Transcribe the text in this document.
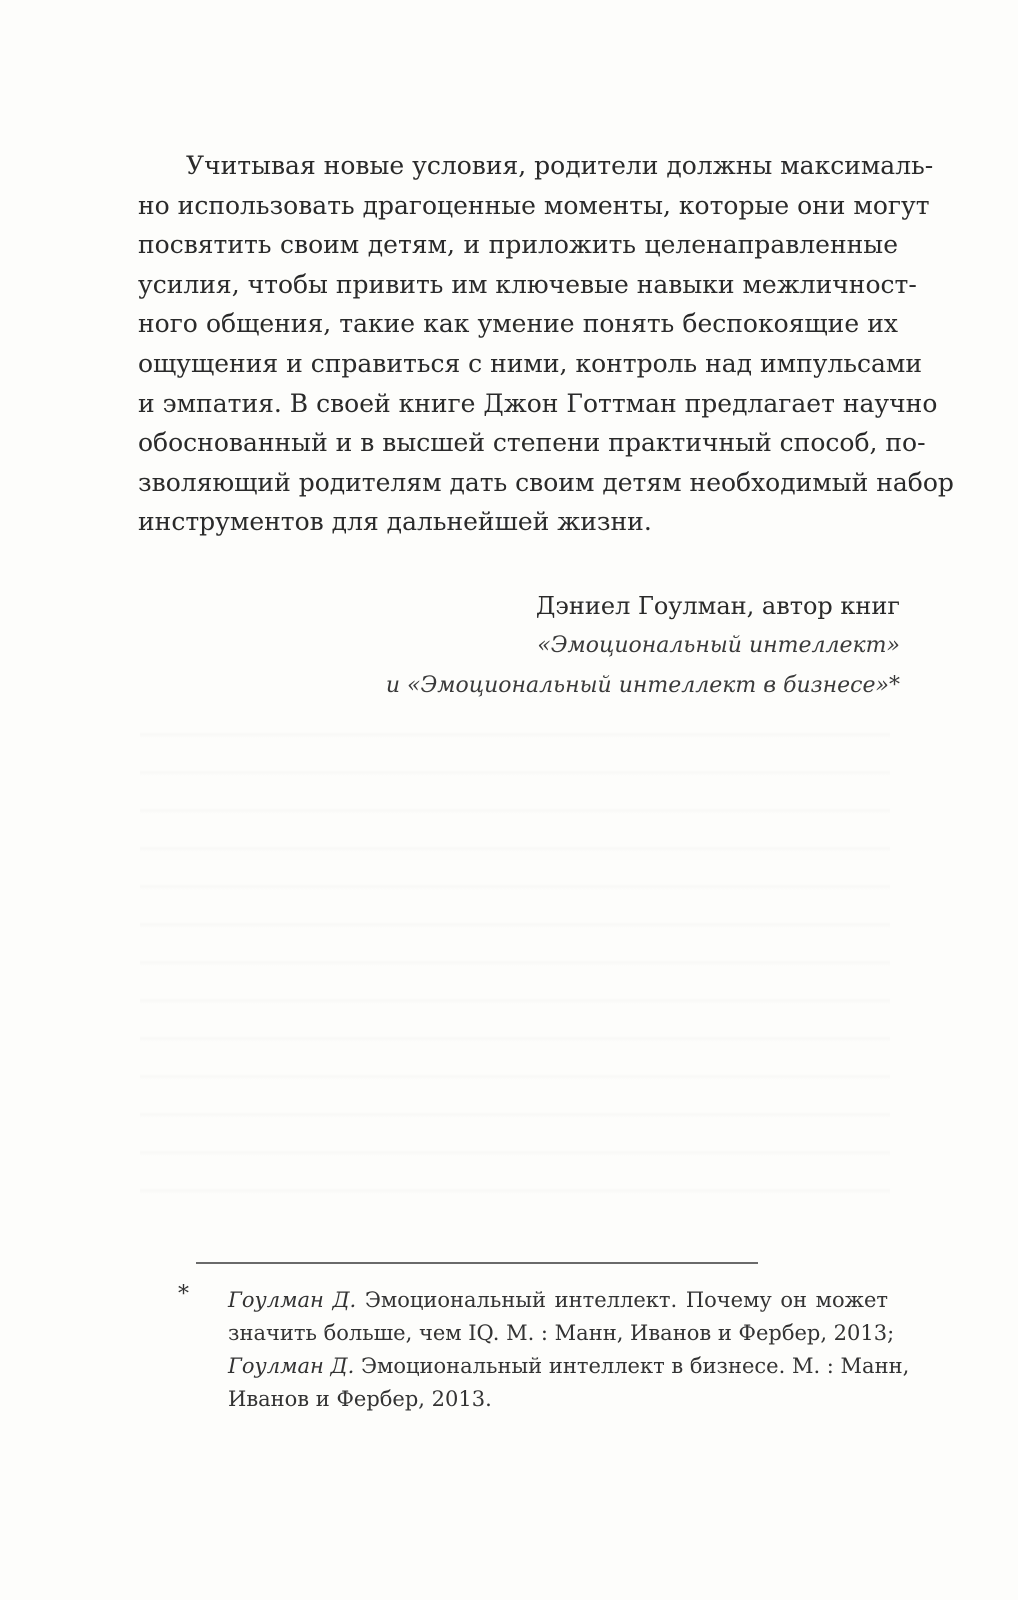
Учитывая новые условия, родители должны максималь-
но использовать драгоценные моменты, которые они могут
посвятить своим детям, и приложить целенаправленные
усилия, чтобы привить им ключевые навыки межличност-
ного общения, такие как умение понять беспокоящие их
ощущения и справиться с ними, контроль над импульсами
и эмпатия. В своей книге Джон Готтман предлагает научно
обоснованный и в высшей степени практичный способ, по-
зволяющий родителям дать своим детям необходимый набор
инструментов для дальнейшей жизни.
Дэниел Гоулман, автор книг
«Эмоциональный интеллект»
и «Эмоциональный интеллект в бизнесе»*
* Гоулман Д. Эмоциональный интеллект. Почему он может
значить больше, чем IQ. М. : Манн, Иванов и Фербер, 2013;
Гоулман Д. Эмоциональный интеллект в бизнесе. М. : Манн,
Иванов и Фербер, 2013.
